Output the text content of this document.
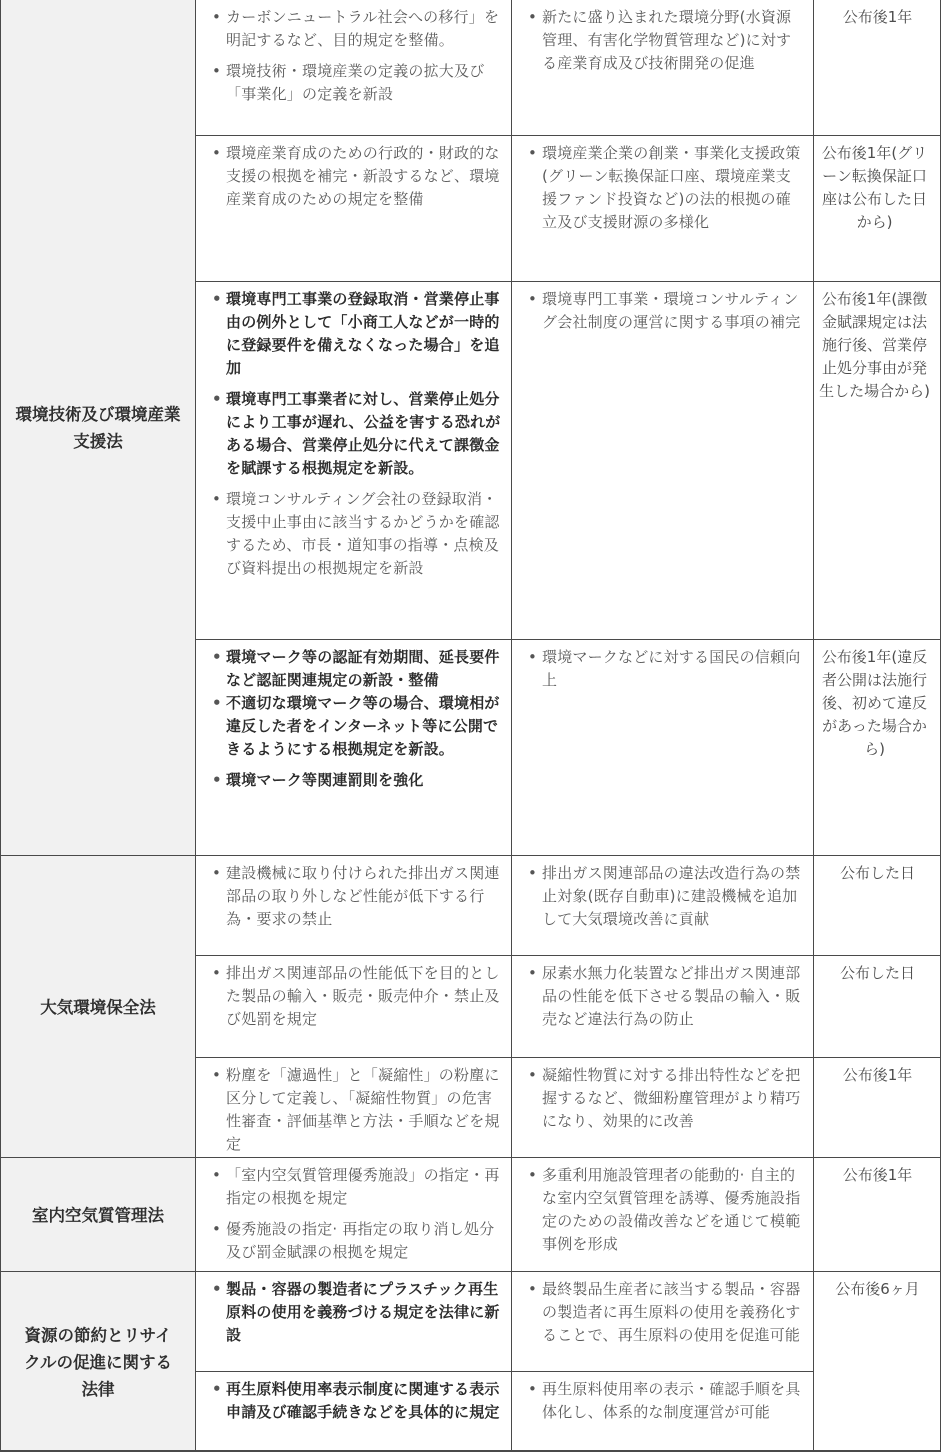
環境技術及び環境産業支援法
大気環境保全法
室内空気質管理法
資源の節約とリサイクルの促進に関する法律
• カーボンニュートラル社会への移行」を明記するなど、目的規定を整備。
• 環境技術・環境産業の定義の拡大及び「事業化」の定義を新設
• 新たに盛り込まれた環境分野(水資源管理、有害化学物質管理など)に対する産業育成及び技術開発の促進
公布後1年
• 環境産業育成のための行政的・財政的な支援の根拠を補完・新設するなど、環境産業育成のための規定を整備
• 環境産業企業の創業・事業化支援政策(グリーン転換保証口座、環境産業支援ファンド投資など)の法的根拠の確立及び支援財源の多様化
公布後1年(グリーン転換保証口座は公布した日から)
• 環境専門工事業の登録取消・営業停止事由の例外として「小商工人などが一時的に登録要件を備えなくなった場合」を追加
• 環境専門工事業者に対し、営業停止処分により工事が遅れ、公益を害する恐れがある場合、営業停止処分に代えて課徴金を賦課する根拠規定を新設。
• 環境コンサルティング会社の登録取消・支援中止事由に該当するかどうかを確認するため、市長・道知事の指導・点検及び資料提出の根拠規定を新設
• 環境専門工事業・環境コンサルティング会社制度の運営に関する事項の補完
公布後1年(課徴金賦課規定は法施行後、営業停止処分事由が発生した場合から)
• 環境マーク等の認証有効期間、延長要件など認証関連規定の新設・整備
• 不適切な環境マーク等の場合、環境相が違反した者をインターネット等に公開できるようにする根拠規定を新設。
• 環境マーク等関連罰則を強化
• 環境マークなどに対する国民の信頼向上
公布後1年(違反者公開は法施行後、初めて違反があった場合から)
• 建設機械に取り付けられた排出ガス関連部品の取り外しなど性能が低下する行為・要求の禁止
• 排出ガス関連部品の違法改造行為の禁止対象(既存自動車)に建設機械を追加して大気環境改善に貢献
公布した日
• 排出ガス関連部品の性能低下を目的とした製品の輸入・販売・販売仲介・禁止及び処罰を規定
• 尿素水無力化装置など排出ガス関連部品の性能を低下させる製品の輸入・販売など違法行為の防止
公布した日
• 粉塵を「濾過性」と「凝縮性」の粉塵に区分して定義し、「凝縮性物質」の危害性審査・評価基準と方法・手順などを規定
• 凝縮性物質に対する排出特性などを把握するなど、微細粉塵管理がより精巧になり、効果的に改善
公布後1年
• 「室内空気質管理優秀施設」の指定・再指定の根拠を規定
• 優秀施設の指定· 再指定の取り消し処分及び罰金賦課の根拠を規定
• 多重利用施設管理者の能動的· 自主的な室内空気質管理を誘導、優秀施設指定のための設備改善などを通じて模範事例を形成
公布後1年
• 製品・容器の製造者にプラスチック再生原料の使用を義務づける規定を法律に新設
• 最終製品生産者に該当する製品・容器の製造者に再生原料の使用を義務化することで、再生原料の使用を促進可能
公布後6ヶ月
• 再生原料使用率表示制度に関連する表示申請及び確認手続きなどを具体的に規定
• 再生原料使用率の表示・確認手順を具体化し、体系的な制度運営が可能
